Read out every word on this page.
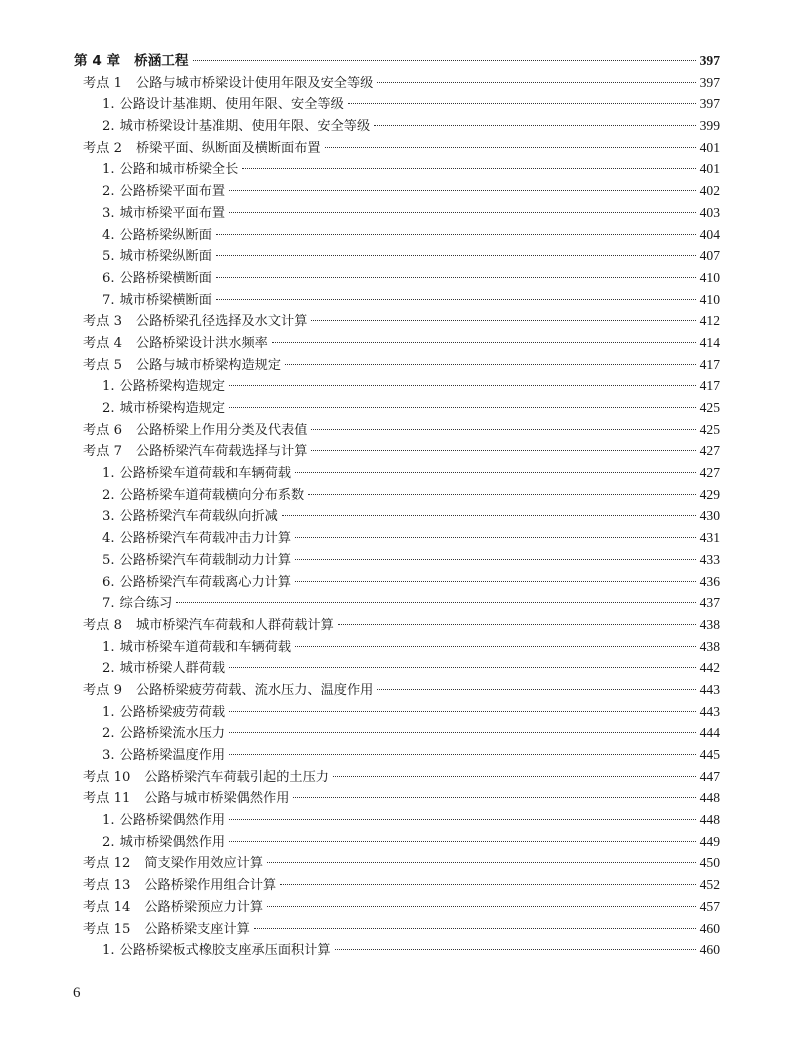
第 4 章 桥涵工程	397
考点 1 公路与城市桥梁设计使用年限及安全等级	397
1. 公路设计基准期、使用年限、安全等级	397
2. 城市桥梁设计基准期、使用年限、安全等级	399
考点 2 桥梁平面、纵断面及横断面布置	401
1. 公路和城市桥梁全长	401
2. 公路桥梁平面布置	402
3. 城市桥梁平面布置	403
4. 公路桥梁纵断面	404
5. 城市桥梁纵断面	407
6. 公路桥梁横断面	410
7. 城市桥梁横断面	410
考点 3 公路桥梁孔径选择及水文计算	412
考点 4 公路桥梁设计洪水频率	414
考点 5 公路与城市桥梁构造规定	417
1. 公路桥梁构造规定	417
2. 城市桥梁构造规定	425
考点 6 公路桥梁上作用分类及代表值	425
考点 7 公路桥梁汽车荷载选择与计算	427
1. 公路桥梁车道荷载和车辆荷载	427
2. 公路桥梁车道荷载横向分布系数	429
3. 公路桥梁汽车荷载纵向折减	430
4. 公路桥梁汽车荷载冲击力计算	431
5. 公路桥梁汽车荷载制动力计算	433
6. 公路桥梁汽车荷载离心力计算	436
7. 综合练习	437
考点 8 城市桥梁汽车荷载和人群荷载计算	438
1. 城市桥梁车道荷载和车辆荷载	438
2. 城市桥梁人群荷载	442
考点 9 公路桥梁疲劳荷载、流水压力、温度作用	443
1. 公路桥梁疲劳荷载	443
2. 公路桥梁流水压力	444
3. 公路桥梁温度作用	445
考点 10 公路桥梁汽车荷载引起的土压力	447
考点 11 公路与城市桥梁偶然作用	448
1. 公路桥梁偶然作用	448
2. 城市桥梁偶然作用	449
考点 12 简支梁作用效应计算	450
考点 13 公路桥梁作用组合计算	452
考点 14 公路桥梁预应力计算	457
考点 15 公路桥梁支座计算	460
1. 公路桥梁板式橡胶支座承压面积计算	460
6
